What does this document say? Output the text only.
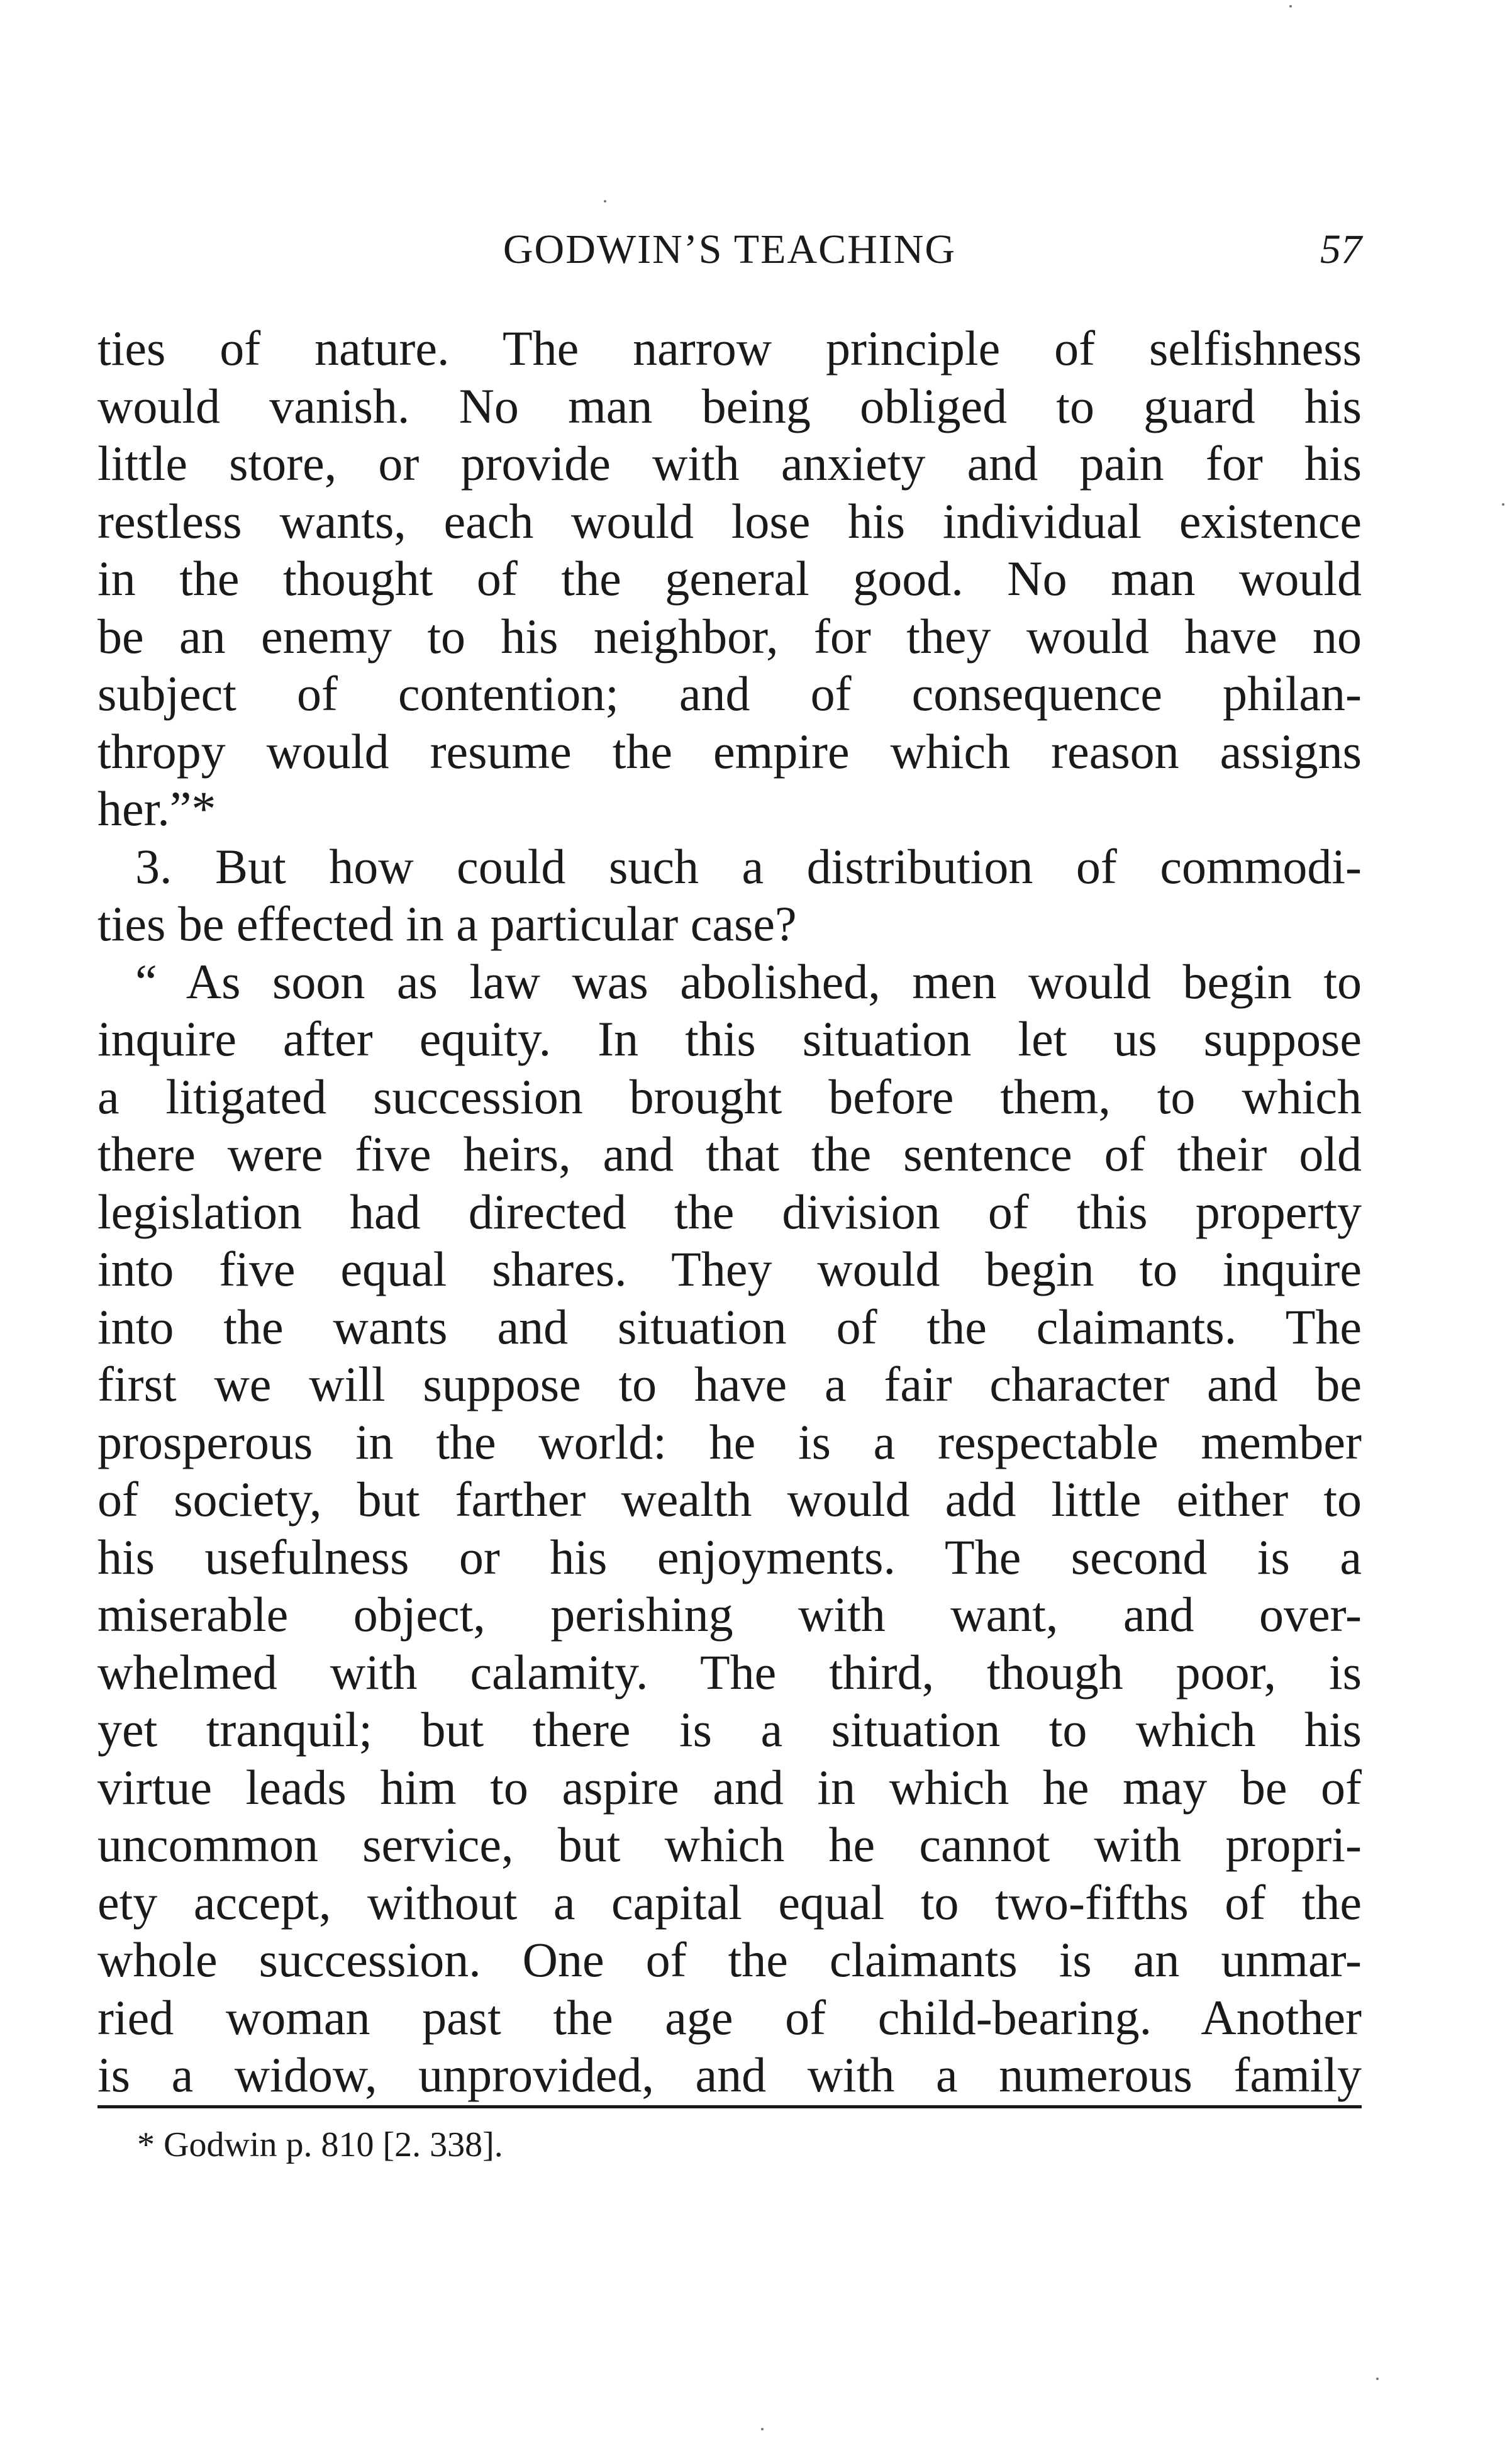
GODWIN’S TEACHING	57
ties of nature. The narrow principle of selfishness
would vanish. No man being obliged to guard his
little store, or provide with anxiety and pain for his
restless wants, each would lose his individual existence
in the thought of the general good. No man would
be an enemy to his neighbor, for they would have no
subject of contention; and of consequence philan-
thropy would resume the empire which reason assigns
her.”*
3. But how could such a distribution of commodi-
ties be effected in a particular case?
“ As soon as law was abolished, men would begin to
inquire after equity. In this situation let us suppose
a litigated succession brought before them, to which
there were five heirs, and that the sentence of their old
legislation had directed the division of this property
into five equal shares. They would begin to inquire
into the wants and situation of the claimants. The
first we will suppose to have a fair character and be
prosperous in the world: he is a respectable member
of society, but farther wealth would add little either to
his usefulness or his enjoyments. The second is a
miserable object, perishing with want, and over-
whelmed with calamity. The third, though poor, is
yet tranquil; but there is a situation to which his
virtue leads him to aspire and in which he may be of
uncommon service, but which he cannot with propri-
ety accept, without a capital equal to two-fifths of the
whole succession. One of the claimants is an unmar-
ried woman past the age of child-bearing. Another
is a widow, unprovided, and with a numerous family
* Godwin p. 810 [2. 338].
